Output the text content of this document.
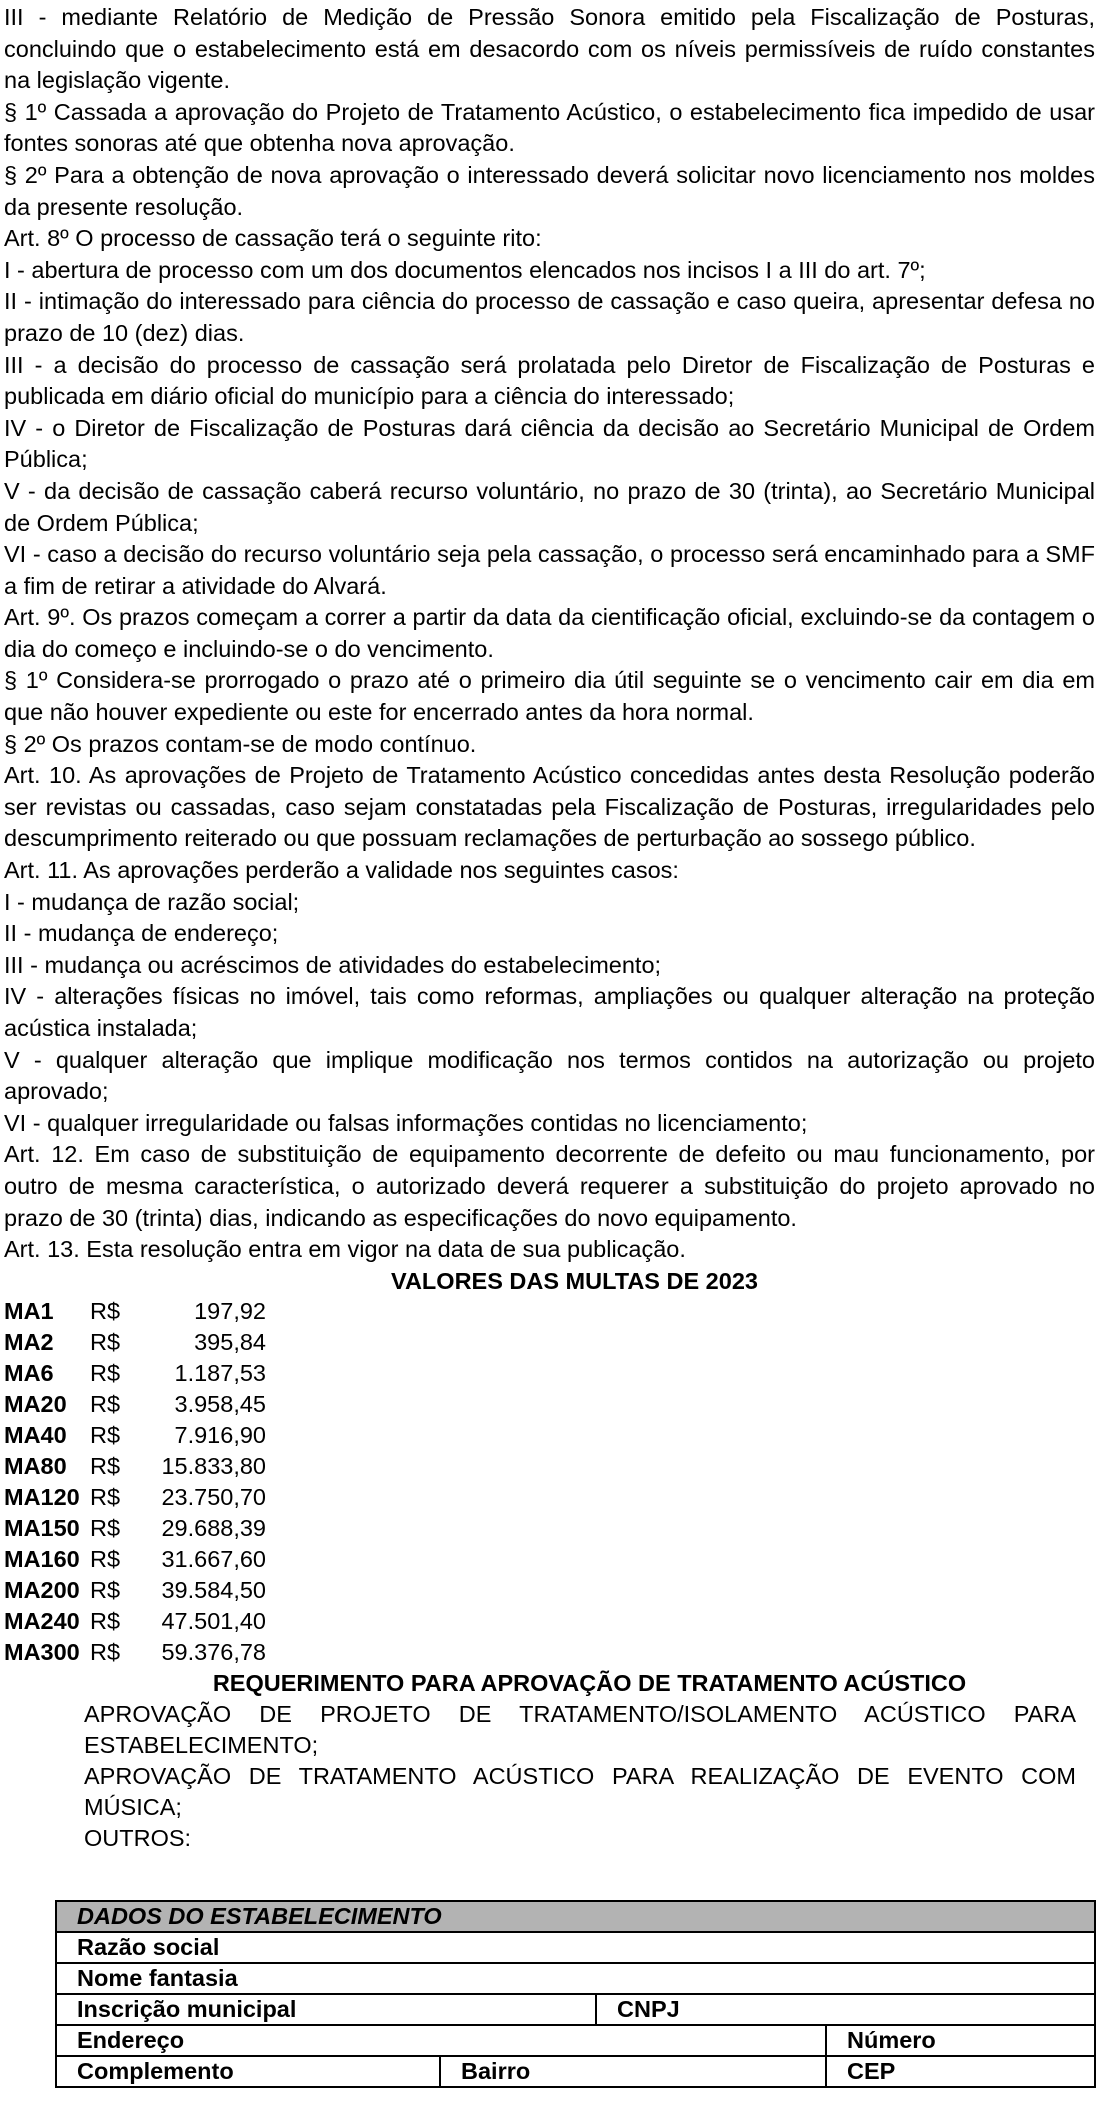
III - mediante Relatório de Medição de Pressão Sonora emitido pela Fiscalização de Posturas, concluindo que o estabelecimento está em desacordo com os níveis permissíveis de ruído constantes na legislação vigente.

§ 1º Cassada a aprovação do Projeto de Tratamento Acústico, o estabelecimento fica impedido de usar fontes sonoras até que obtenha nova aprovação.

§ 2º Para a obtenção de nova aprovação o interessado deverá solicitar novo licenciamento nos moldes da presente resolução.

Art. 8º O processo de cassação terá o seguinte rito:

I - abertura de processo com um dos documentos elencados nos incisos I a III do art. 7º;

II - intimação do interessado para ciência do processo de cassação e caso queira, apresentar defesa no prazo de 10 (dez) dias.

III - a decisão do processo de cassação será prolatada pelo Diretor de Fiscalização de Posturas e publicada em diário oficial do município para a ciência do interessado;

IV - o Diretor de Fiscalização de Posturas dará ciência da decisão ao Secretário Municipal de Ordem Pública;

V - da decisão de cassação caberá recurso voluntário, no prazo de 30 (trinta), ao Secretário Municipal de Ordem Pública;

VI - caso a decisão do recurso voluntário seja pela cassação, o processo será encaminhado para a SMF a fim de retirar a atividade do Alvará.

Art. 9º. Os prazos começam a correr a partir da data da cientificação oficial, excluindo-se da contagem o dia do começo e incluindo-se o do vencimento.

§ 1º Considera-se prorrogado o prazo até o primeiro dia útil seguinte se o vencimento cair em dia em que não houver expediente ou este for encerrado antes da hora normal.

§ 2º Os prazos contam-se de modo contínuo.

Art. 10. As aprovações de Projeto de Tratamento Acústico concedidas antes desta Resolução poderão ser revistas ou cassadas, caso sejam constatadas pela Fiscalização de Posturas, irregularidades pelo descumprimento reiterado ou que possuam reclamações de perturbação ao sossego público.

Art. 11. As aprovações perderão a validade nos seguintes casos:

I - mudança de razão social;

II - mudança de endereço;

III - mudança ou acréscimos de atividades do estabelecimento;

IV - alterações físicas no imóvel, tais como reformas, ampliações ou qualquer alteração na proteção acústica instalada;

V - qualquer alteração que implique modificação nos termos contidos na autorização ou projeto aprovado;

VI - qualquer irregularidade ou falsas informações contidas no licenciamento;

Art. 12. Em caso de substituição de equipamento decorrente de defeito ou mau funcionamento, por outro de mesma característica, o autorizado deverá requerer a substituição do projeto aprovado no prazo de 30 (trinta) dias, indicando as especificações do novo equipamento.

Art. 13. Esta resolução entra em vigor na data de sua publicação.

VALORES DAS MULTAS DE 2023

MA1 R$	197,92
MA2 R$	395,84
MA6 R$ 1.187,53
MA20 R$ 3.958,45
MA40 R$ 7.916,90
MA80 R$ 15.833,80
MA120 R$ 23.750,70
MA150 R$ 29.688,39
MA160 R$ 31.667,60
MA200 R$ 39.584,50
MA240 R$ 47.501,40
MA300 R$ 59.376,78

REQUERIMENTO PARA APROVAÇÃO DE TRATAMENTO ACÚSTICO

APROVAÇÃO DE PROJETO DE TRATAMENTO/ISOLAMENTO ACÚSTICO PARA ESTABELECIMENTO;
APROVAÇÃO DE TRATAMENTO ACÚSTICO PARA REALIZAÇÃO DE EVENTO COM MÚSICA;
OUTROS:
DADOS DO ESTABELECIMENTO			
Razão social			
Nome fantasia			
Inscrição municipal		CNPJ	
Endereço			Número
Complemento	Bairro		CEP
